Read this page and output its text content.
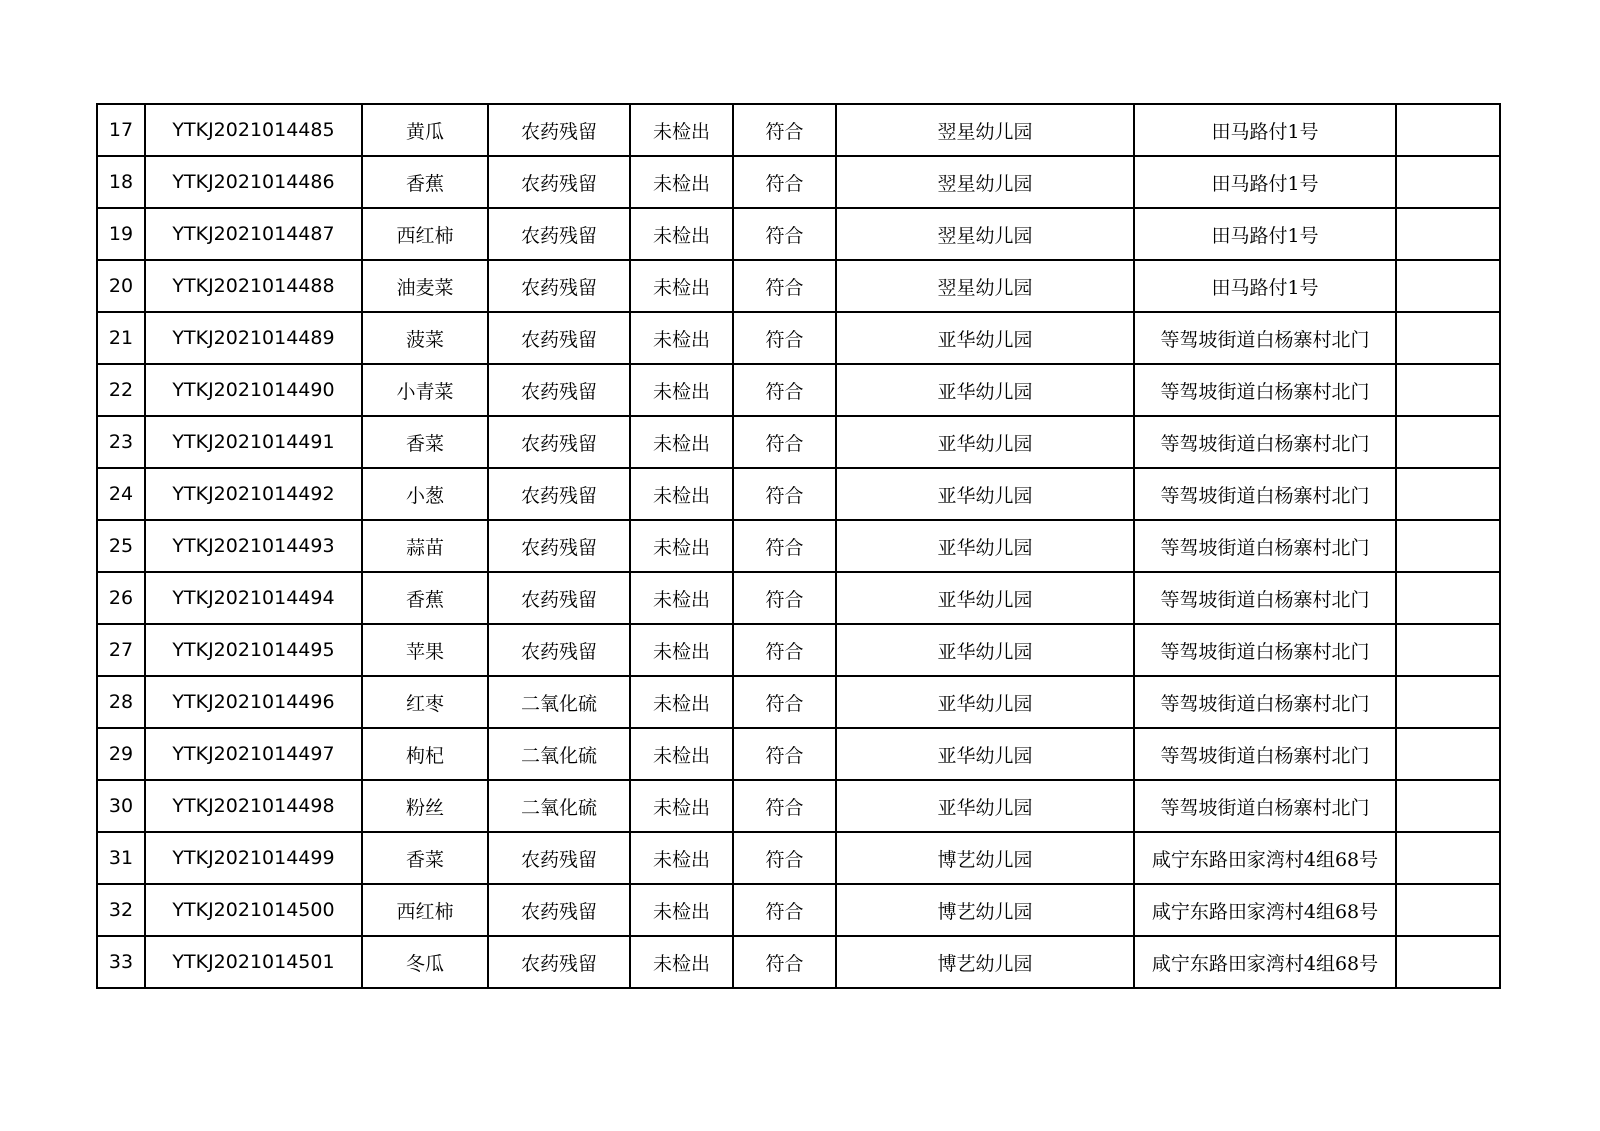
17	YTKJ2021014485	黄瓜	农药残留	未检出	符合	翌星幼儿园	田马路付1号	
18	YTKJ2021014486	香蕉	农药残留	未检出	符合	翌星幼儿园	田马路付1号	
19	YTKJ2021014487	西红柿	农药残留	未检出	符合	翌星幼儿园	田马路付1号	
20	YTKJ2021014488	油麦菜	农药残留	未检出	符合	翌星幼儿园	田马路付1号	
21	YTKJ2021014489	菠菜	农药残留	未检出	符合	亚华幼儿园	等驾坡街道白杨寨村北门	
22	YTKJ2021014490	小青菜	农药残留	未检出	符合	亚华幼儿园	等驾坡街道白杨寨村北门	
23	YTKJ2021014491	香菜	农药残留	未检出	符合	亚华幼儿园	等驾坡街道白杨寨村北门	
24	YTKJ2021014492	小葱	农药残留	未检出	符合	亚华幼儿园	等驾坡街道白杨寨村北门	
25	YTKJ2021014493	蒜苗	农药残留	未检出	符合	亚华幼儿园	等驾坡街道白杨寨村北门	
26	YTKJ2021014494	香蕉	农药残留	未检出	符合	亚华幼儿园	等驾坡街道白杨寨村北门	
27	YTKJ2021014495	苹果	农药残留	未检出	符合	亚华幼儿园	等驾坡街道白杨寨村北门	
28	YTKJ2021014496	红枣	二氧化硫	未检出	符合	亚华幼儿园	等驾坡街道白杨寨村北门	
29	YTKJ2021014497	枸杞	二氧化硫	未检出	符合	亚华幼儿园	等驾坡街道白杨寨村北门	
30	YTKJ2021014498	粉丝	二氧化硫	未检出	符合	亚华幼儿园	等驾坡街道白杨寨村北门	
31	YTKJ2021014499	香菜	农药残留	未检出	符合	博艺幼儿园	咸宁东路田家湾村4组68号	
32	YTKJ2021014500	西红柿	农药残留	未检出	符合	博艺幼儿园	咸宁东路田家湾村4组68号	
33	YTKJ2021014501	冬瓜	农药残留	未检出	符合	博艺幼儿园	咸宁东路田家湾村4组68号	
